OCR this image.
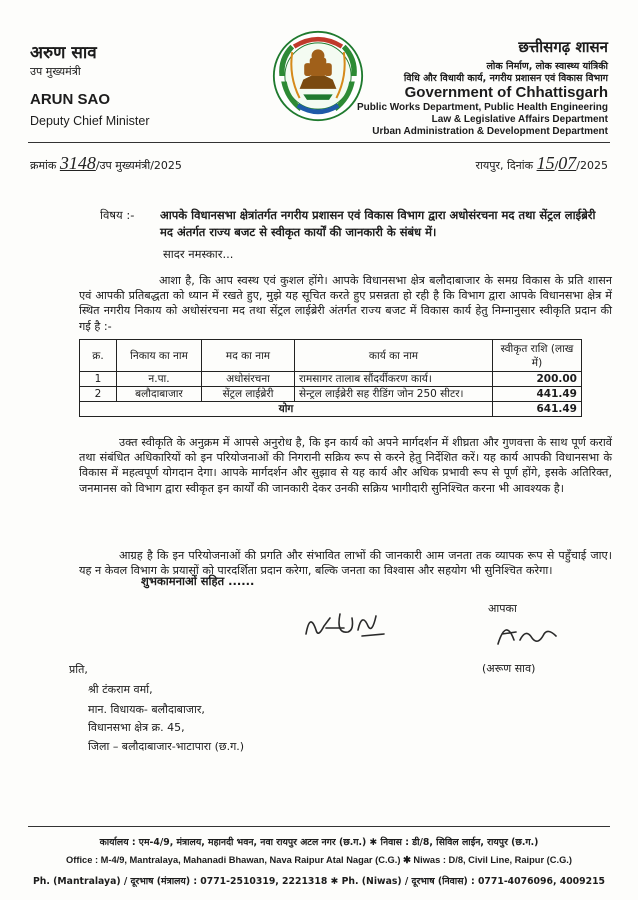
अरुण साव
उप मुख्यमंत्री
ARUN SAO
Deputy Chief Minister
छत्तीसगढ़ शासन
लोक निर्माण, लोक स्वास्थ्य यांत्रिकी
विधि और विधायी कार्य, नगरीय प्रशासन एवं विकास विभाग
Government of Chhattisgarh
Public Works Department, Public Health Engineering
Law & Legislative Affairs Department
Urban Administration & Development Department
क्रमांक 3148/उप मुख्यमंत्री/2025	रायपुर, दिनांक 15/07/2025
विषय :- आपके विधानसभा क्षेत्रांतर्गत नगरीय प्रशासन एवं विकास विभाग द्वारा अधोसंरचना मद तथा सेंट्रल लाईब्रेरी मद अंतर्गत राज्य बजट से स्वीकृत कार्यों की जानकारी के संबंध में।
सादर नमस्कार...
आशा है, कि आप स्वस्थ एवं कुशल होंगे। आपके विधानसभा क्षेत्र बलौदाबाजार के समग्र विकास के प्रति शासन एवं आपकी प्रतिबद्धता को ध्यान में रखते हुए, मुझे यह सूचित करते हुए प्रसन्नता हो रही है कि विभाग द्वारा आपके विधानसभा क्षेत्र में स्थित नगरीय निकाय को अधोसंरचना मद तथा सेंट्रल लाईब्रेरी अंतर्गत राज्य बजट में विकास कार्य हेतु निम्नानुसार स्वीकृति प्रदान की गई है :-
क्र.	निकाय का नाम	मद का नाम	कार्य का नाम	स्वीकृत राशि (लाख में)
1	न.पा.	अधोसंरचना	रामसागर तालाब सौंदर्यीकरण कार्य।	200.00
2	बलौदाबाजार	सेंट्रल लाईब्रेरी	सेन्ट्रल लाईब्रेरी सह रीडिंग जोन 250 सीटर।	441.49
योग				641.49
उक्त स्वीकृति के अनुक्रम में आपसे अनुरोध है, कि इन कार्य को अपने मार्गदर्शन में शीघ्रता और गुणवत्ता के साथ पूर्ण करावें तथा संबंधित अधिकारियों को इन परियोजनाओं की निगरानी सक्रिय रूप से करने हेतु निर्देशित करें। यह कार्य आपकी विधानसभा के विकास में महत्वपूर्ण योगदान देगा। आपके मार्गदर्शन और सुझाव से यह कार्य और अधिक प्रभावी रूप से पूर्ण होंगे, इसके अतिरिक्त, जनमानस को विभाग द्वारा स्वीकृत इन कार्यों की जानकारी देकर उनकी सक्रिय भागीदारी सुनिश्चित करना भी आवश्यक है।
आग्रह है कि इन परियोजनाओं की प्रगति और संभावित लाभों की जानकारी आम जनता तक व्यापक रूप से पहुँचाई जाए। यह न केवल विभाग के प्रयासों को पारदर्शिता प्रदान करेगा, बल्कि जनता का विश्वास और सहयोग भी सुनिश्चित करेगा।
शुभकामनाओं सहित ......
आपका
(अरूण साव)
प्रति,
श्री टंकराम वर्मा,
मान. विधायक- बलौदाबाजार,
विधानसभा क्षेत्र क्र. 45,
जिला – बलौदाबाजार-भाटापारा (छ.ग.)
कार्यालय : एम-4/9, मंत्रालय, महानदी भवन, नवा रायपुर अटल नगर (छ.ग.) ✱ निवास : डी/8, सिविल लाईन, रायपुर (छ.ग.)
Office : M-4/9, Mantralaya, Mahanadi Bhawan, Nava Raipur Atal Nagar (C.G.) ✱ Niwas : D/8, Civil Line, Raipur (C.G.)
Ph. (Mantralaya) / दूरभाष (मंत्रालय) : 0771-2510319, 2221318 ✱ Ph. (Niwas) / दूरभाष (निवास) : 0771-4076096, 4009215
